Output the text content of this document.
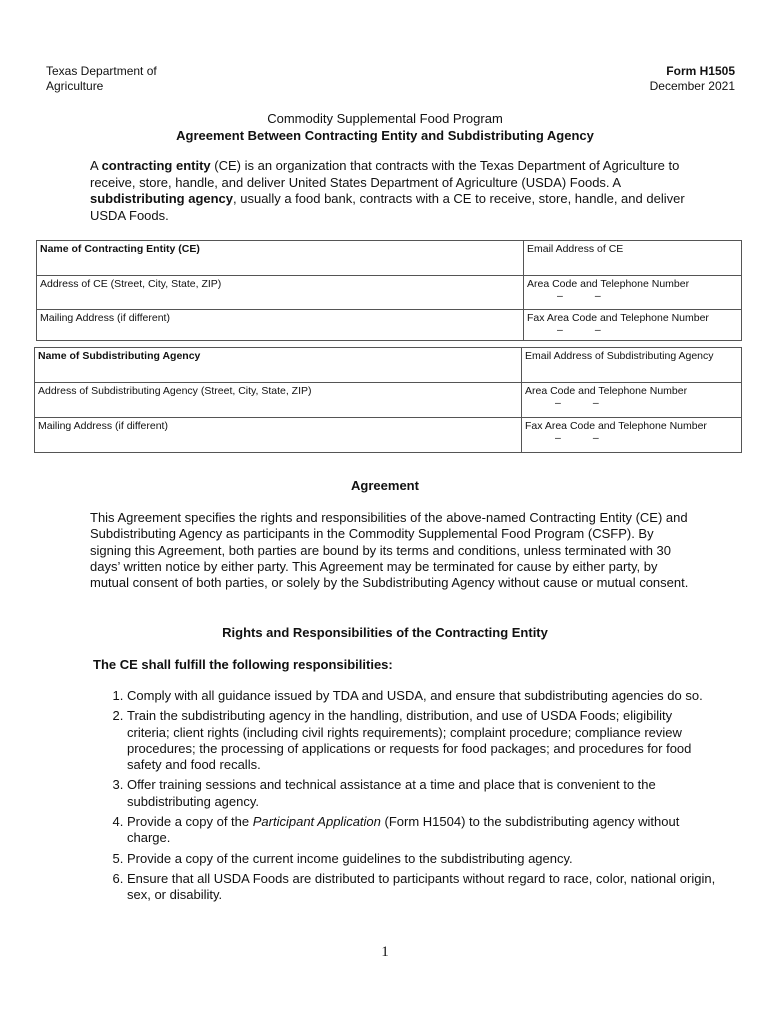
Texas Department of
Agriculture
Form H1505
December 2021
Commodity Supplemental Food Program
Agreement Between Contracting Entity and Subdistributing Agency
A contracting entity (CE) is an organization that contracts with the Texas Department of Agriculture to receive, store, handle, and deliver United States Department of Agriculture (USDA) Foods. A subdistributing agency, usually a food bank, contracts with a CE to receive, store, handle, and deliver USDA Foods.
Name of Contracting Entity (CE)	Email Address of CE
Address of CE (Street, City, State, ZIP)	Area Code and Telephone Number
–           –

Mailing Address (if different)	Fax Area Code and Telephone Number
–           –
Name of Subdistributing Agency	Email Address of Subdistributing Agency
Address of Subdistributing Agency (Street, City, State, ZIP)	Area Code and Telephone Number
–           –

Mailing Address (if different)	Fax Area Code and Telephone Number
–           –
Agreement
This Agreement specifies the rights and responsibilities of the above-named Contracting Entity (CE) and Subdistributing Agency as participants in the Commodity Supplemental Food Program (CSFP). By signing this Agreement, both parties are bound by its terms and conditions, unless terminated with 30 days’ written notice by either party. This Agreement may be terminated for cause by either party, by mutual consent of both parties, or solely by the Subdistributing Agency without cause or mutual consent.
Rights and Responsibilities of the Contracting Entity
The CE shall fulfill the following responsibilities:
1. Comply with all guidance issued by TDA and USDA, and ensure that subdistributing agencies do so.
2. Train the subdistributing agency in the handling, distribution, and use of USDA Foods; eligibility criteria; client rights (including civil rights requirements); complaint procedure; compliance review procedures; the processing of applications or requests for food packages; and procedures for food safety and food recalls.
3. Offer training sessions and technical assistance at a time and place that is convenient to the subdistributing agency.
4. Provide a copy of the Participant Application (Form H1504) to the subdistributing agency without charge.
5. Provide a copy of the current income guidelines to the subdistributing agency.
6. Ensure that all USDA Foods are distributed to participants without regard to race, color, national origin, sex, or disability.
1
